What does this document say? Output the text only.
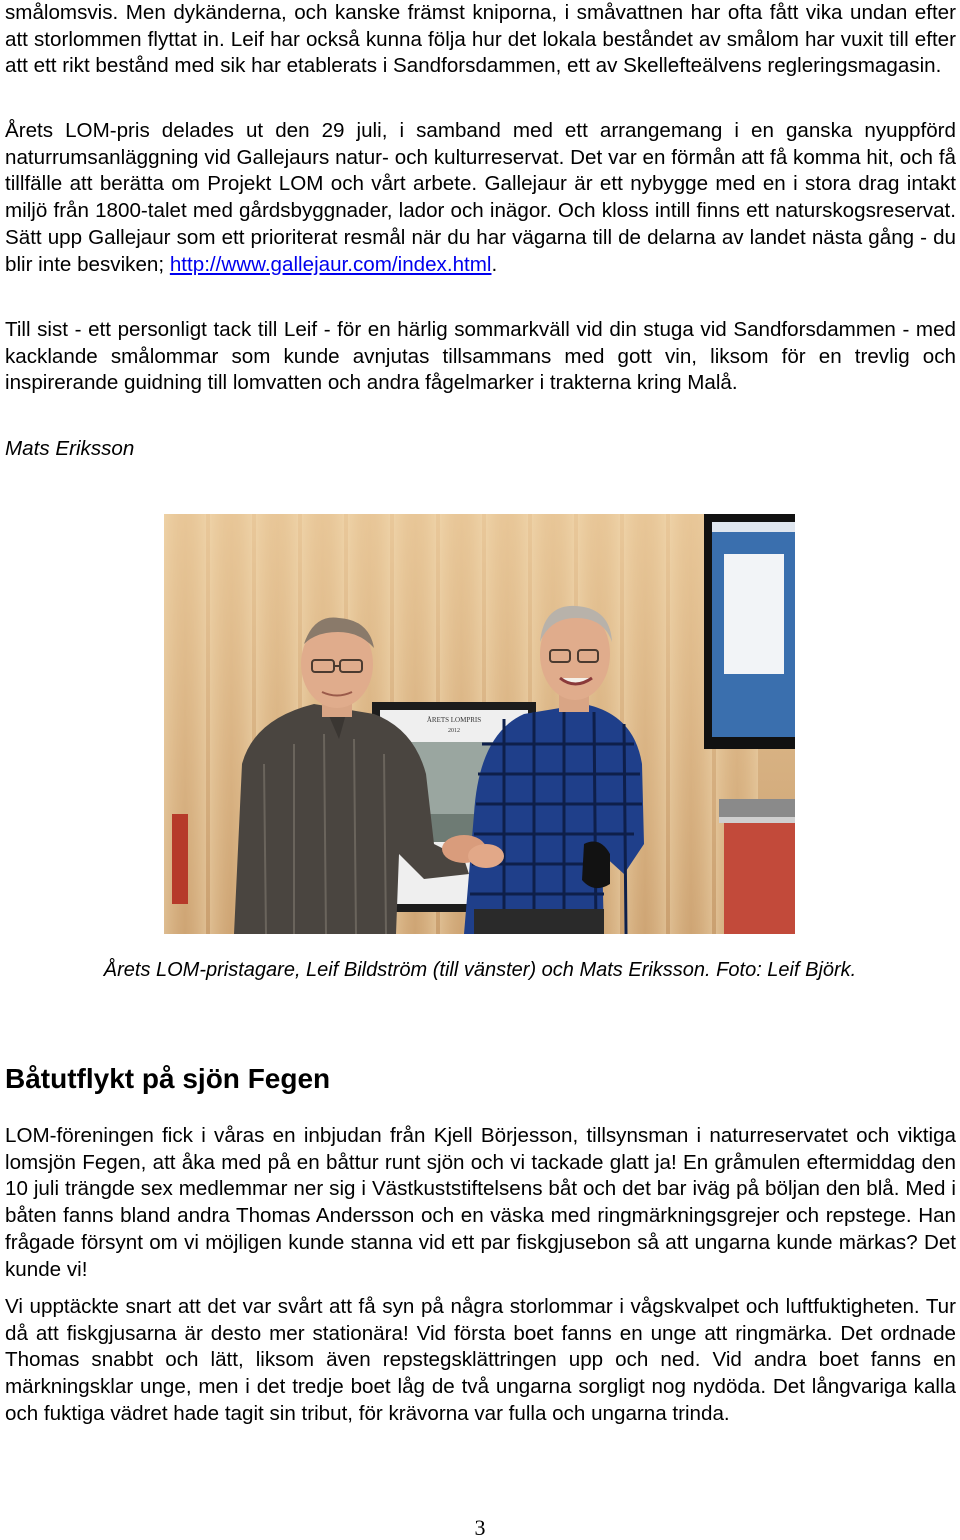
smålomsvis. Men dykänderna, och kanske främst kniporna, i småvattnen har ofta fått vika undan efter att storlommen flyttat in. Leif har också kunna följa hur det lokala beståndet av smålom har vuxit till efter att ett rikt bestånd med sik har etablerats i Sandforsdammen, ett av Skellefteälvens regleringsmagasin.

Årets LOM-pris delades ut den 29 juli, i samband med ett arrangemang i en ganska nyuppförd naturrumsanläggning vid Gallejaurs natur- och kulturreservat. Det var en förmån att få komma hit, och få tillfälle att berätta om Projekt LOM och vårt arbete. Gallejaur är ett nybygge med en i stora drag intakt miljö från 1800-talet med gårdsbyggnader, lador och inägor. Och kloss intill finns ett naturskogsreservat. Sätt upp Gallejaur som ett prioriterat resmål när du har vägarna till de delarna av landet nästa gång - du blir inte besviken; http://www.gallejaur.com/index.html.

Till sist - ett personligt tack till Leif - för en härlig sommarkväll vid din stuga vid Sandforsdammen - med kacklande smålommar som kunde avnjutas tillsammans med gott vin, liksom för en trevlig och inspirerande guidning till lomvatten och andra fågelmarker i trakterna kring Malå.

Mats Eriksson

ÅRETS LOMPRIS
2012

Årets LOM-pristagare, Leif Bildström (till vänster) och Mats Eriksson. Foto: Leif Björk.

Båtutflykt på sjön Fegen

LOM-föreningen fick i våras en inbjudan från Kjell Börjesson, tillsynsman i naturreservatet och viktiga lomsjön Fegen, att åka med på en båttur runt sjön och vi tackade glatt ja! En gråmulen eftermiddag den 10 juli trängde sex medlemmar ner sig i Västkuststiftelsens båt och det bar iväg på böljan den blå. Med i båten fanns bland andra Thomas Andersson och en väska med ringmärkningsgrejer och repstege. Han frågade försynt om vi möjligen kunde stanna vid ett par fiskgjusebon så att ungarna kunde märkas? Det kunde vi!

Vi upptäckte snart att det var svårt att få syn på några storlommar i vågskvalpet och luftfuktigheten. Tur då att fiskgjusarna är desto mer stationära! Vid första boet fanns en unge att ringmärka. Det ordnade Thomas snabbt och lätt, liksom även repstegsklättringen upp och ned. Vid andra boet fanns en märkningsklar unge, men i det tredje boet låg de två ungarna sorgligt nog nydöda. Det långvariga kalla och fuktiga vädret hade tagit sin tribut, för krävorna var fulla och ungarna trinda.

3
